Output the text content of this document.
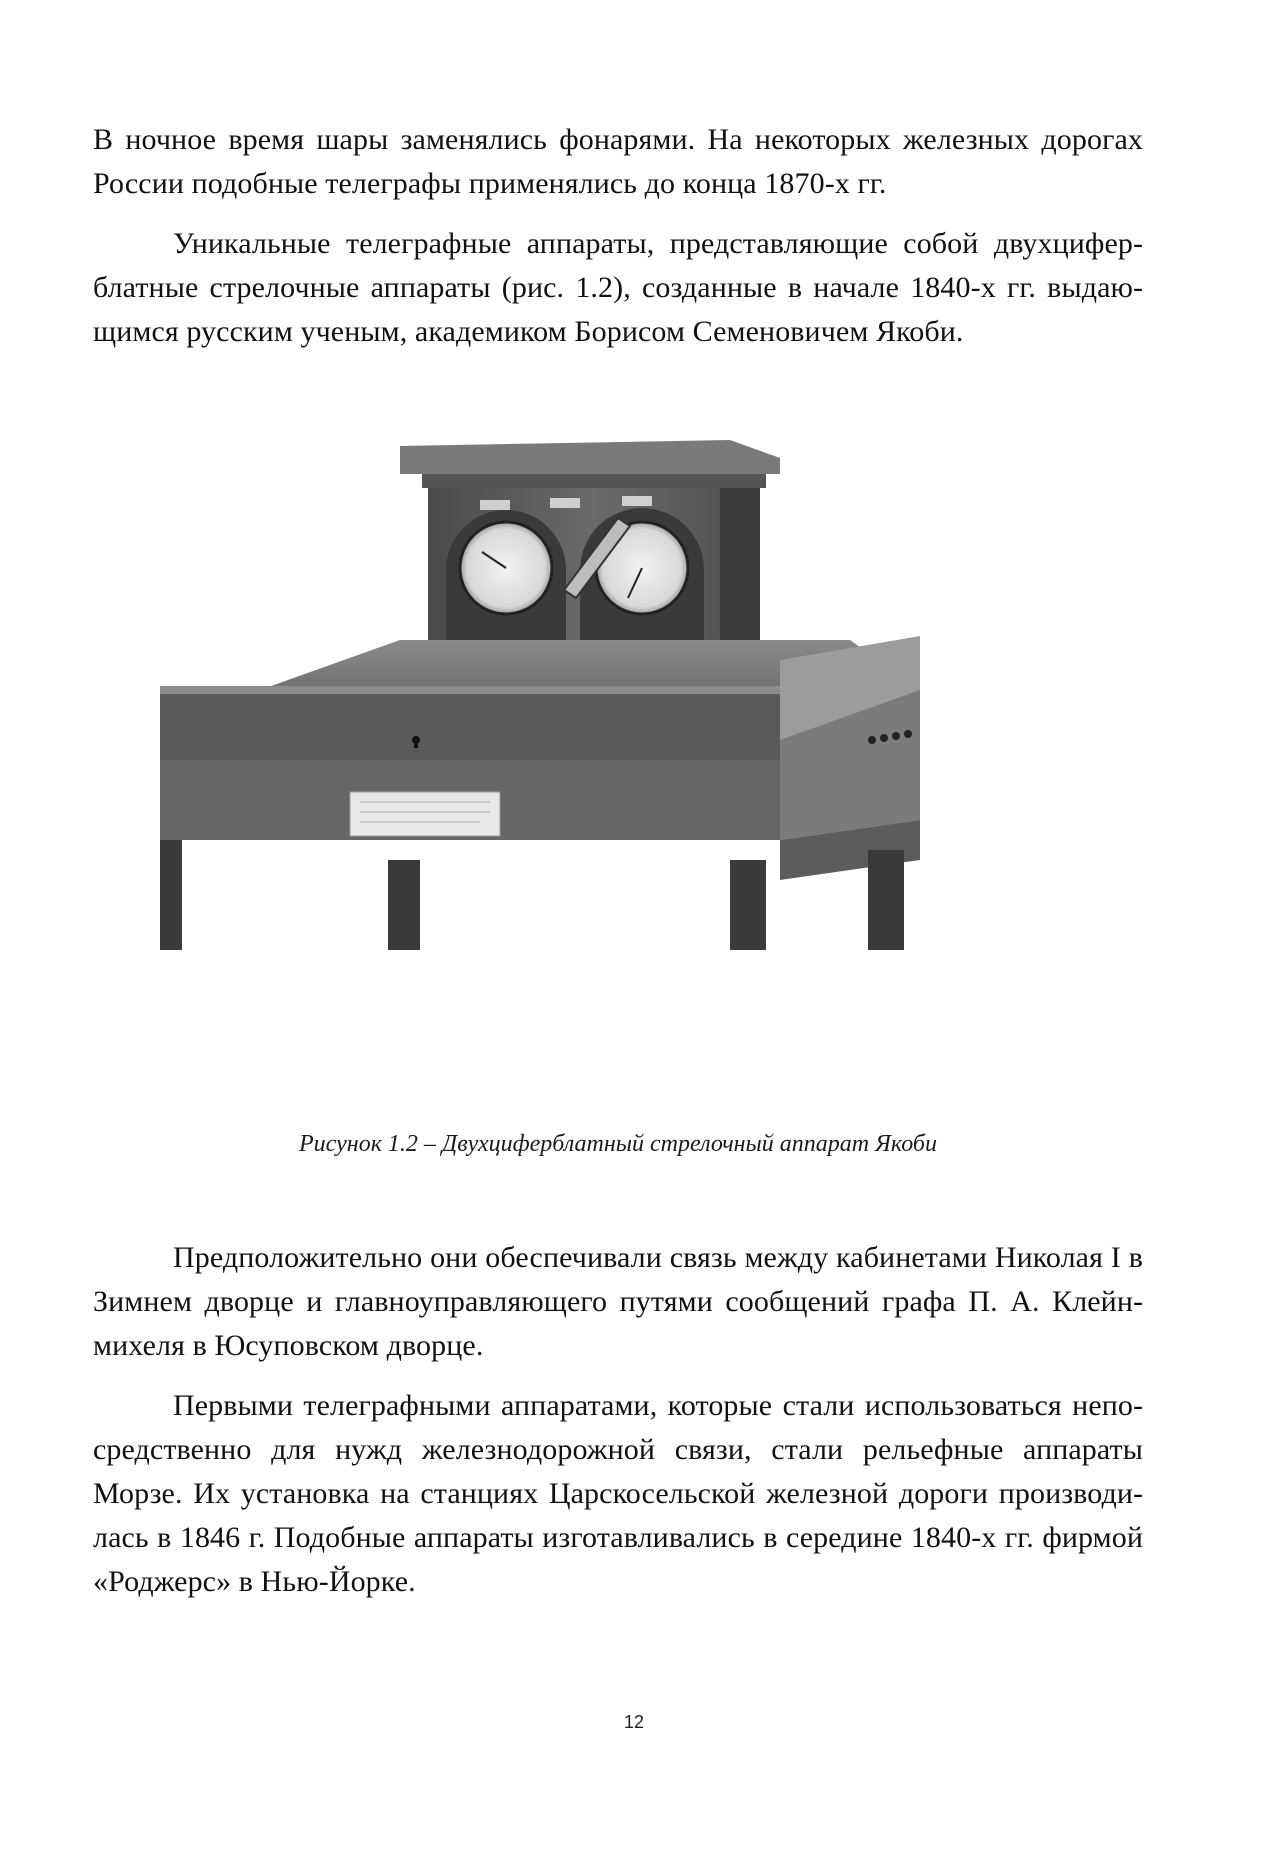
В ночное время шары заменялись фонарями. На некоторых железных дорогах России подобные телеграфы применялись до конца 1870-х гг.

Уникальные телеграфные аппараты, представляющие собой двухциферблатные стрелочные аппараты (рис. 1.2), созданные в начале 1840-х гг. выдающимся русским ученым, академиком Борисом Семеновичем Якоби.

Рисунок 1.2 – Двухциферблатный стрелочный аппарат Якоби

Предположительно они обеспечивали связь между кабинетами Николая I в Зимнем дворце и главноуправляющего путями сообщений графа П. А. Клейнмихеля в Юсуповском дворце.

Первыми телеграфными аппаратами, которые стали использоваться непосредственно для нужд железнодорожной связи, стали рельефные аппараты Морзе. Их установка на станциях Царскосельской железной дороги производилась в 1846 г. Подобные аппараты изготавливались в середине 1840-х гг. фирмой «Роджерс» в Нью-Йорке.

12
